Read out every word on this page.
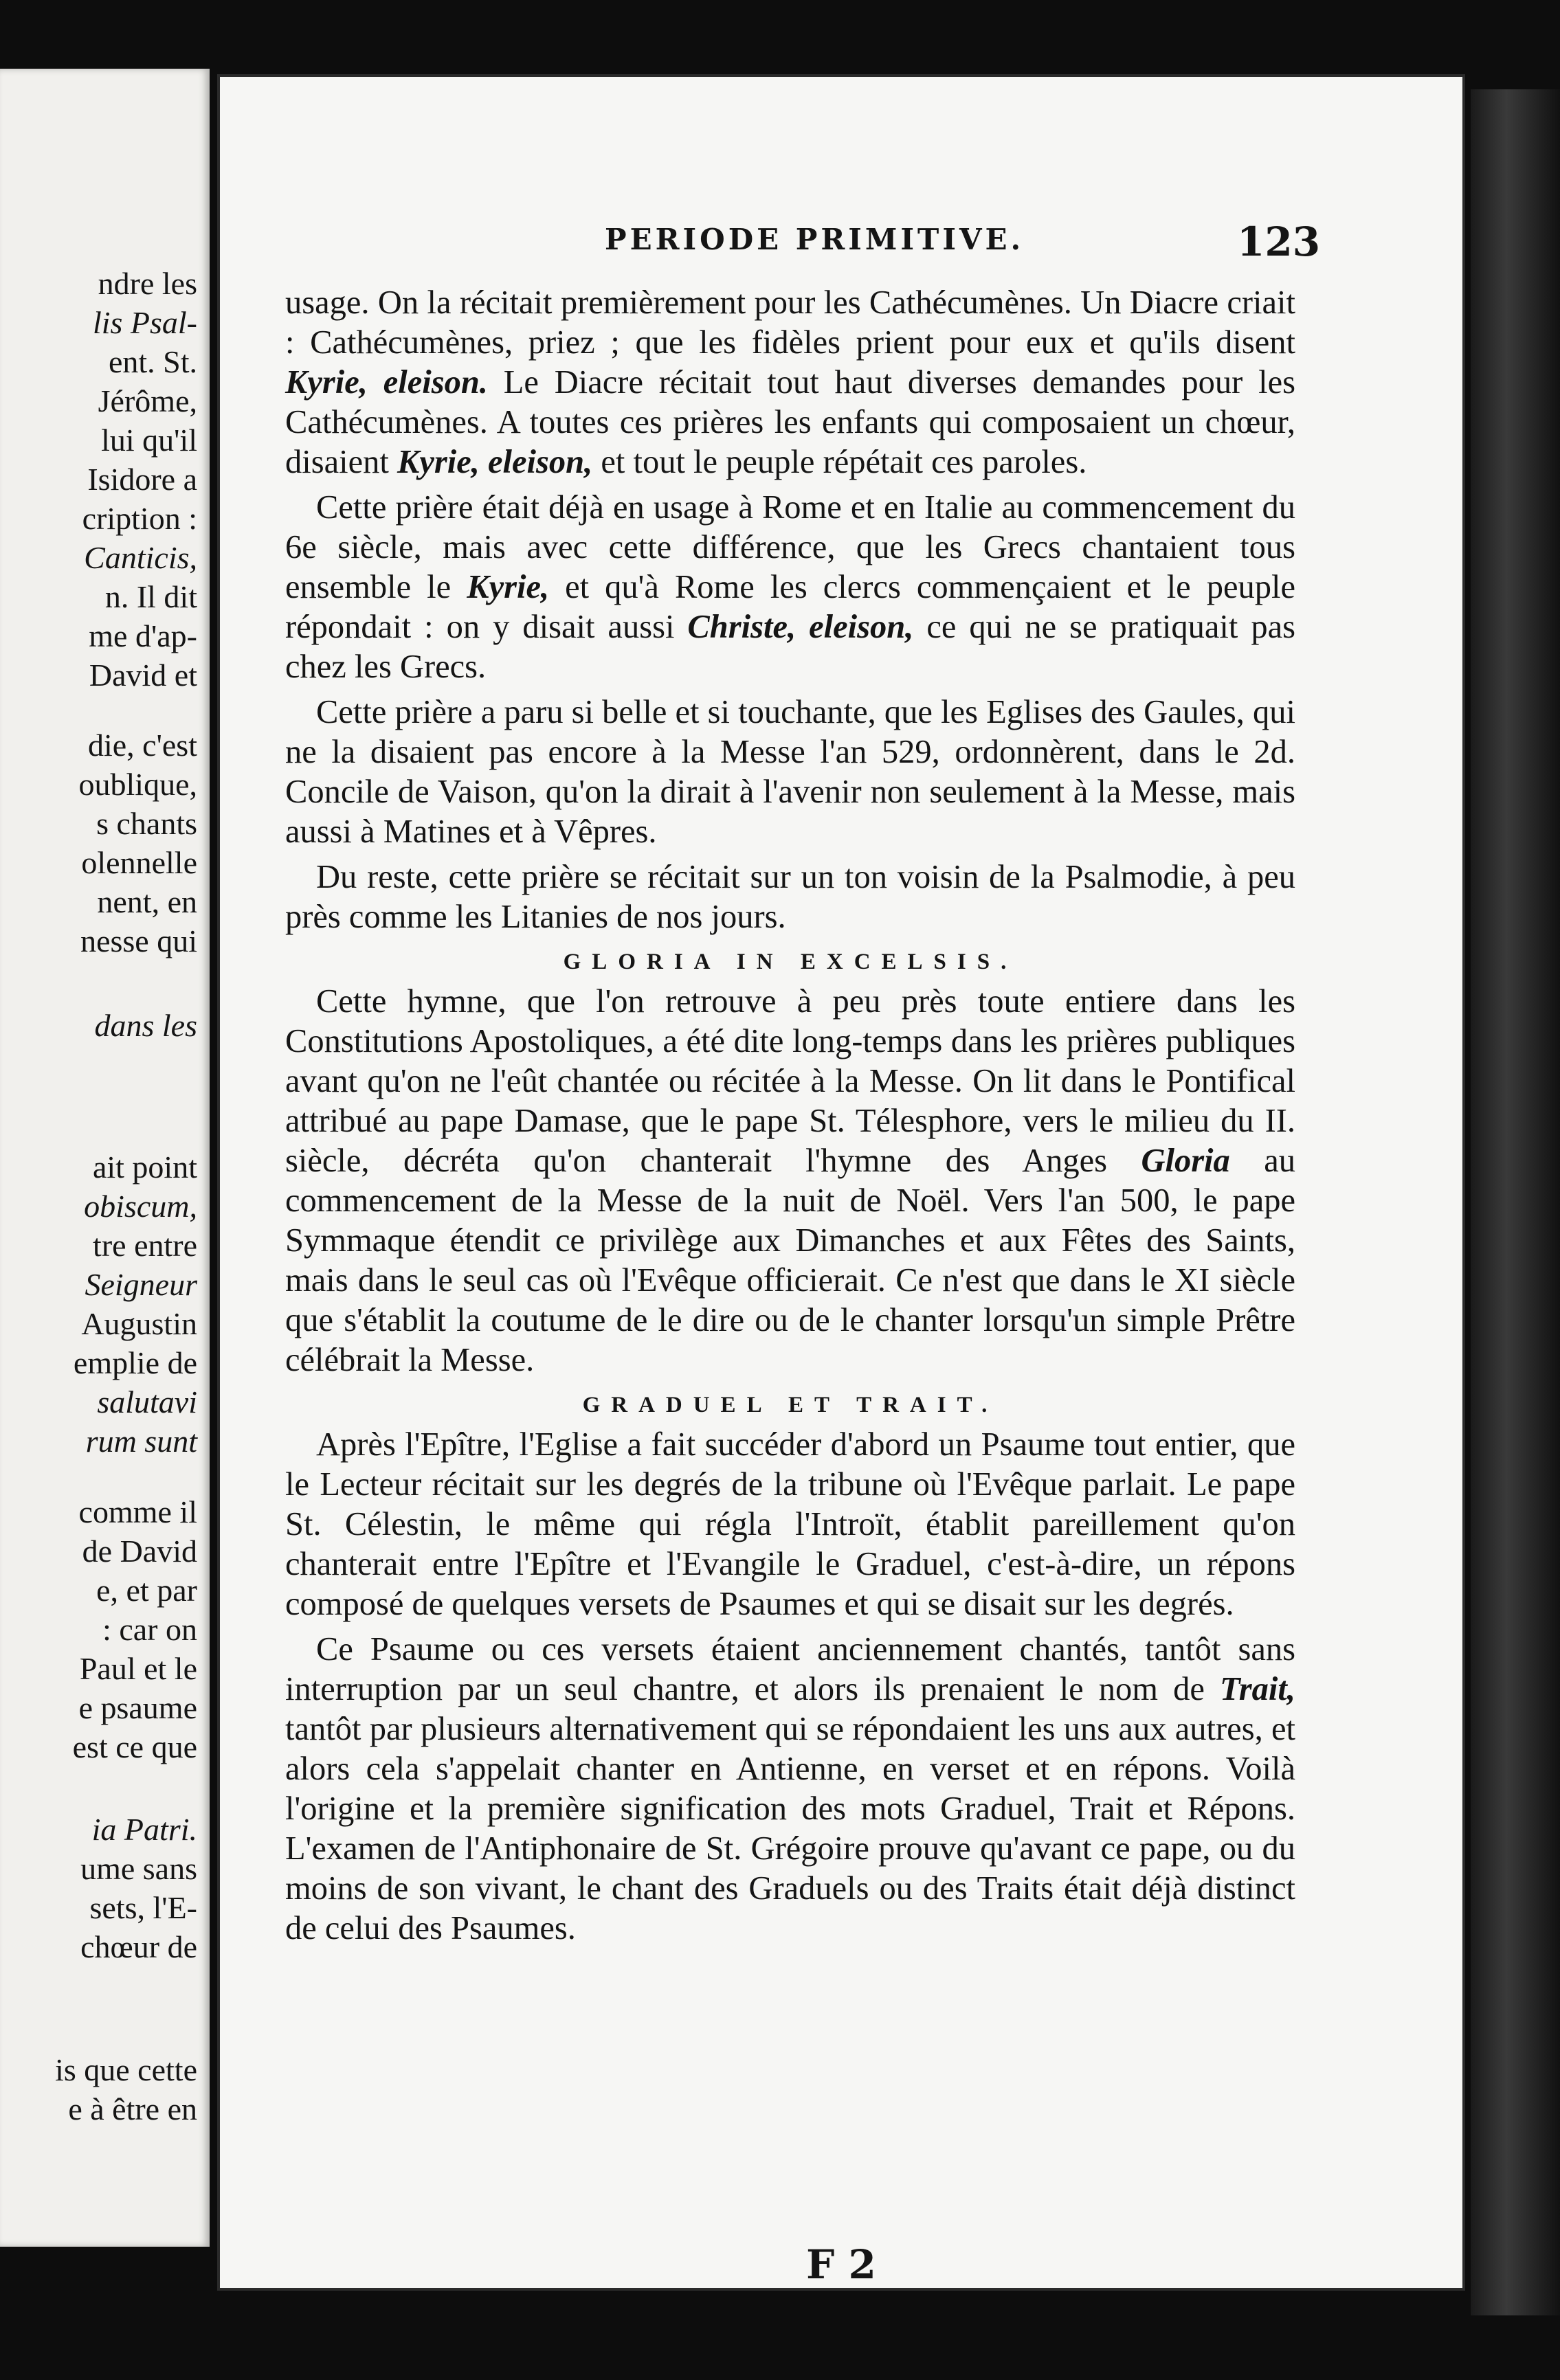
ndre les
lis Psal-
ent. St.
Jérôme,
lui qu'il
Isidore a
cription :
Canticis,
n. Il dit
me d'ap-
David et
die, c'est
oublique,
s chants
olennelle
nent, en
nesse qui
dans les
ait point
obiscum,
tre entre
Seigneur
Augustin
emplie de
salutavi
rum sunt
comme il
de David
e, et par
: car on
Paul et le
e psaume
est ce que
ia Patri.
ume sans
sets, l'E-
chœur de
is que cette
e à être en
PERIODE PRIMITIVE.	123
usage. On la récitait premièrement pour les Cathécumènes. Un Diacre criait : Cathécumènes, priez ; que les fidèles prient pour eux et qu'ils disent Kyrie, eleison. Le Diacre récitait tout haut diverses demandes pour les Cathécumènes. A toutes ces prières les enfants qui composaient un chœur, disaient Kyrie, eleison, et tout le peuple répétait ces paroles.
Cette prière était déjà en usage à Rome et en Italie au commencement du 6e siècle, mais avec cette différence, que les Grecs chantaient tous ensemble le Kyrie, et qu'à Rome les clercs commençaient et le peuple répondait : on y disait aussi Christe, eleison, ce qui ne se pratiquait pas chez les Grecs.
Cette prière a paru si belle et si touchante, que les Eglises des Gaules, qui ne la disaient pas encore à la Messe l'an 529, ordonnèrent, dans le 2d. Concile de Vaison, qu'on la dirait à l'avenir non seulement à la Messe, mais aussi à Matines et à Vêpres.
Du reste, cette prière se récitait sur un ton voisin de la Psalmodie, à peu près comme les Litanies de nos jours.
GLORIA IN EXCELSIS.
Cette hymne, que l'on retrouve à peu près toute entiere dans les Constitutions Apostoliques, a été dite long-temps dans les prières publiques avant qu'on ne l'eût chantée ou récitée à la Messe. On lit dans le Pontifical attribué au pape Damase, que le pape St. Télesphore, vers le milieu du II. siècle, décréta qu'on chanterait l'hymne des Anges Gloria au commencement de la Messe de la nuit de Noël. Vers l'an 500, le pape Symmaque étendit ce privilège aux Dimanches et aux Fêtes des Saints, mais dans le seul cas où l'Evêque officierait. Ce n'est que dans le XI siècle que s'établit la coutume de le dire ou de le chanter lorsqu'un simple Prêtre célébrait la Messe.
GRADUEL ET TRAIT.
Après l'Epître, l'Eglise a fait succéder d'abord un Psaume tout entier, que le Lecteur récitait sur les degrés de la tribune où l'Evêque parlait. Le pape St. Célestin, le même qui régla l'Introït, établit pareillement qu'on chanterait entre l'Epître et l'Evangile le Graduel, c'est-à-dire, un répons composé de quelques versets de Psaumes et qui se disait sur les degrés.
Ce Psaume ou ces versets étaient anciennement chantés, tantôt sans interruption par un seul chantre, et alors ils prenaient le nom de Trait, tantôt par plusieurs alternativement qui se répondaient les uns aux autres, et alors cela s'appelait chanter en Antienne, en verset et en répons. Voilà l'origine et la première signification des mots Graduel, Trait et Répons. L'examen de l'Antiphonaire de St. Grégoire prouve qu'avant ce pape, ou du moins de son vivant, le chant des Graduels ou des Traits était déjà distinct de celui des Psaumes.
F 2
